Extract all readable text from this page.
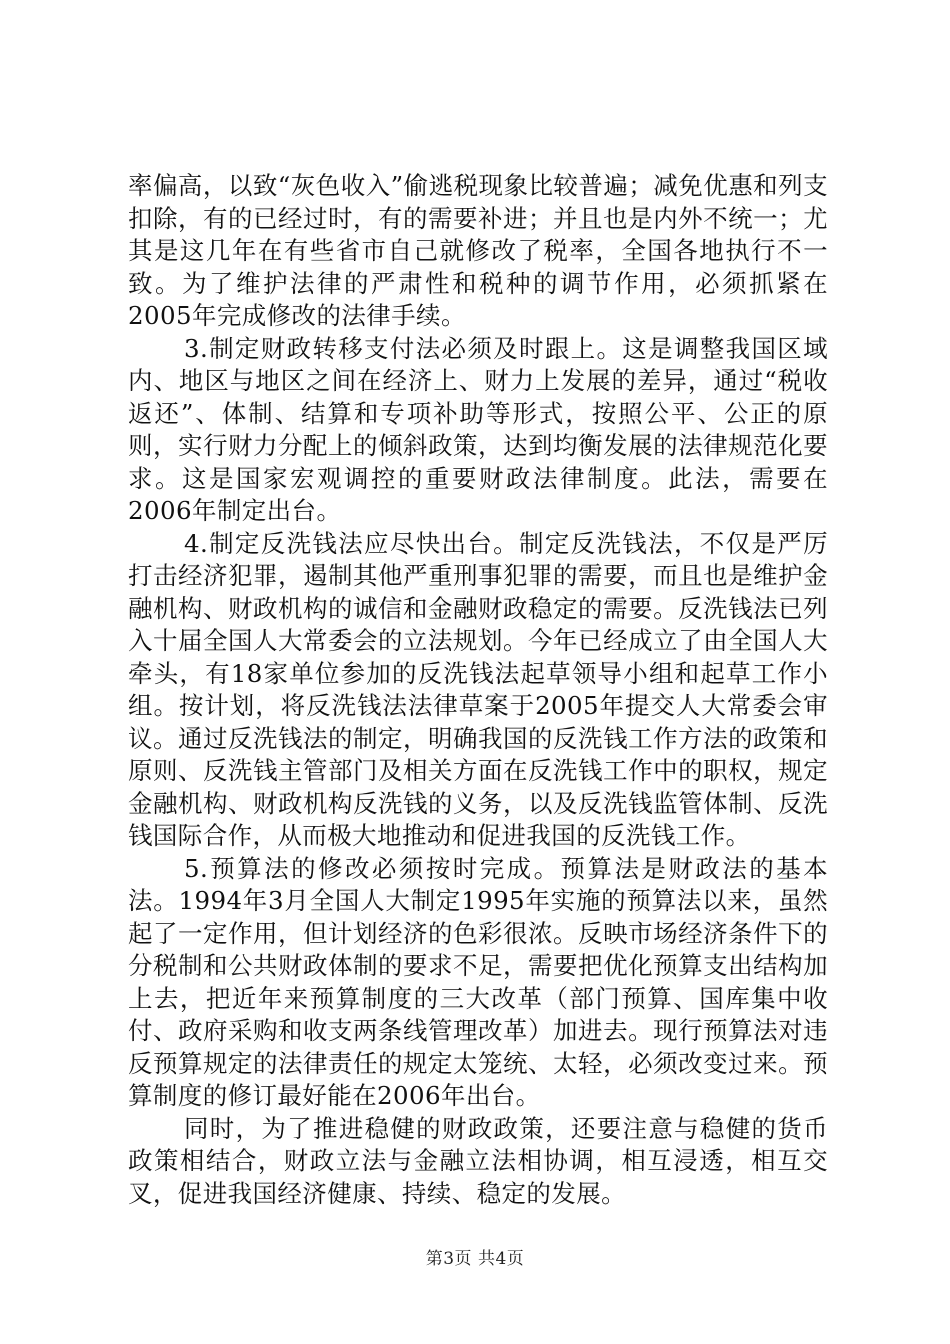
率偏高，以致“灰色收入”偷逃税现象比较普遍；减免优惠和列支扣除，有的已经过时，有的需要补进；并且也是内外不统一；尤其是这几年在有些省市自己就修改了税率，全国各地执行不一致。为了维护法律的严肃性和税种的调节作用，必须抓紧在2005年完成修改的法律手续。

3.制定财政转移支付法必须及时跟上。这是调整我国区域内、地区与地区之间在经济上、财力上发展的差异，通过“税收返还”、体制、结算和专项补助等形式，按照公平、公正的原则，实行财力分配上的倾斜政策，达到均衡发展的法律规范化要求。这是国家宏观调控的重要财政法律制度。此法，需要在2006年制定出台。

4.制定反洗钱法应尽快出台。制定反洗钱法，不仅是严厉打击经济犯罪，遏制其他严重刑事犯罪的需要，而且也是维护金融机构、财政机构的诚信和金融财政稳定的需要。反洗钱法已列入十届全国人大常委会的立法规划。今年已经成立了由全国人大牵头，有18家单位参加的反洗钱法起草领导小组和起草工作小组。按计划，将反洗钱法法律草案于2005年提交人大常委会审议。通过反洗钱法的制定，明确我国的反洗钱工作方法的政策和原则、反洗钱主管部门及相关方面在反洗钱工作中的职权，规定金融机构、财政机构反洗钱的义务，以及反洗钱监管体制、反洗钱国际合作，从而极大地推动和促进我国的反洗钱工作。

5.预算法的修改必须按时完成。预算法是财政法的基本法。1994年3月全国人大制定1995年实施的预算法以来，虽然起了一定作用，但计划经济的色彩很浓。反映市场经济条件下的分税制和公共财政体制的要求不足，需要把优化预算支出结构加上去，把近年来预算制度的三大改革（部门预算、国库集中收付、政府采购和收支两条线管理改革）加进去。现行预算法对违反预算规定的法律责任的规定太笼统、太轻，必须改变过来。预算制度的修订最好能在2006年出台。

同时，为了推进稳健的财政政策，还要注意与稳健的货币政策相结合，财政立法与金融立法相协调，相互浸透，相互交叉，促进我国经济健康、持续、稳定的发展。

第3页 共4页
